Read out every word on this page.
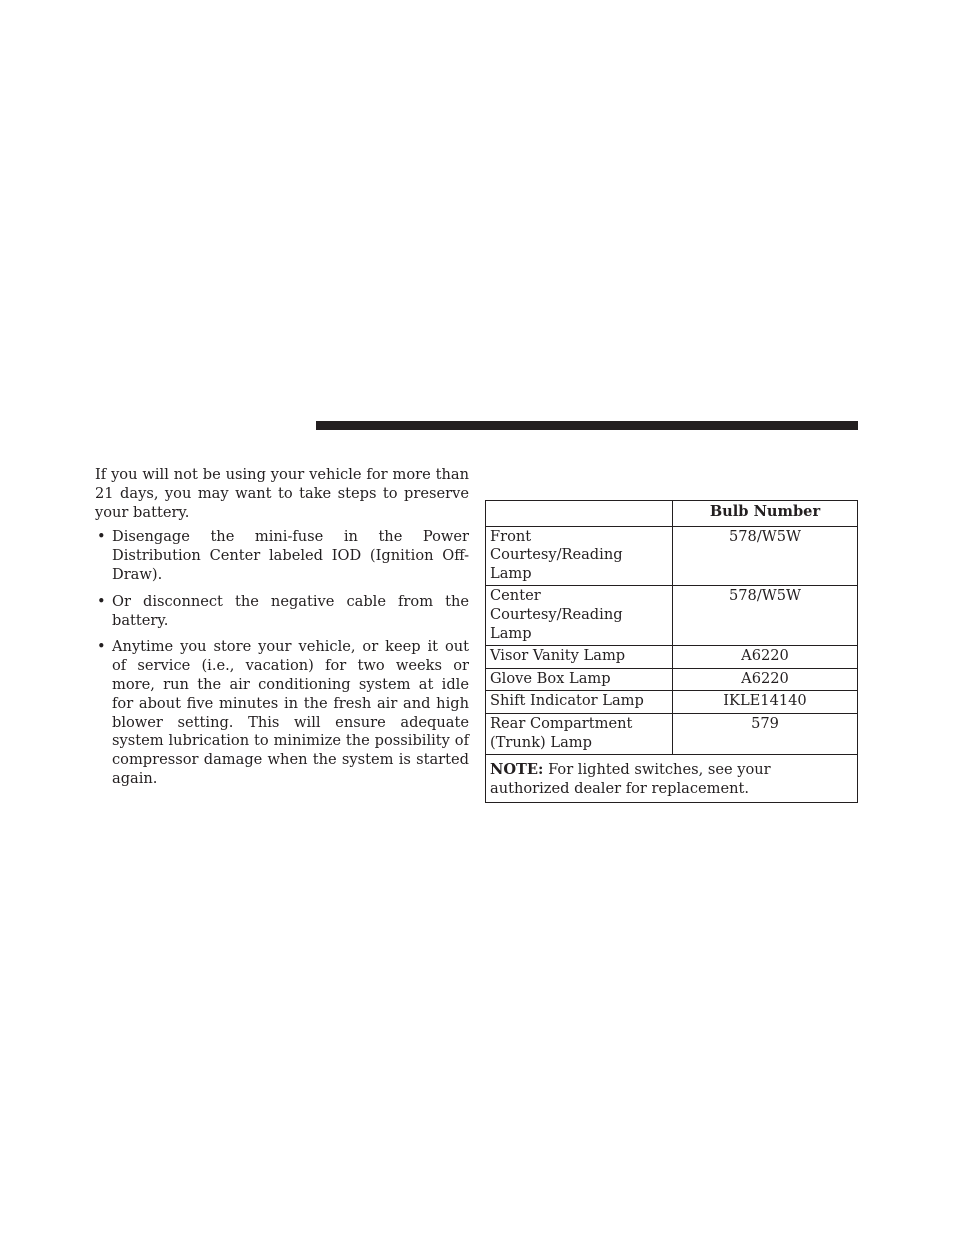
If you will not be using your vehicle for more than 21 days, you may want to take steps to preserve your battery.

• Disengage the mini-fuse in the Power Distribution Center labeled IOD (Ignition Off-Draw).
• Or disconnect the negative cable from the battery.
• Anytime you store your vehicle, or keep it out of service (i.e., vacation) for two weeks or more, run the air conditioning system at idle for about five minutes in the fresh air and high blower setting. This will ensure adequate system lubrication to minimize the possibility of compressor damage when the system is started again.
	Bulb Number
Front Courtesy/Reading Lamp	578/W5W
Center Courtesy/Reading Lamp	578/W5W
Visor Vanity Lamp	A6220
Glove Box Lamp	A6220
Shift Indicator Lamp	IKLE14140
Rear Compartment (Trunk) Lamp	579
NOTE: For lighted switches, see your authorized dealer for replacement.	
